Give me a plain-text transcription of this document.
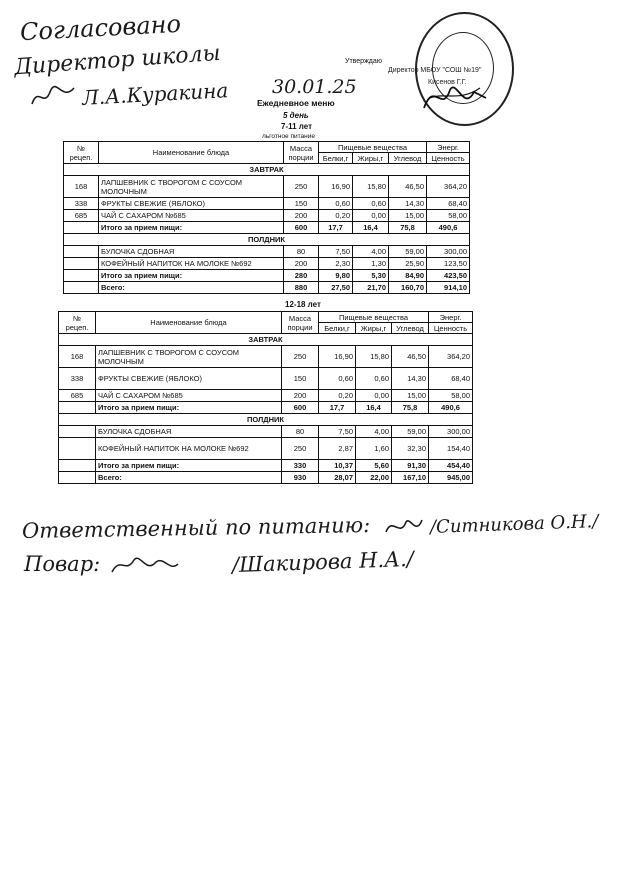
Согласовано
Директор школы
Л.А.Куракина 30.01.25
Утверждаю
Директор МБОУ "СОШ №19"
Кисенов Г.Г.
Ежедневное меню
5 день
7-11 лет
льготное питание
№
рецеп.	Наименование блюда	Масса
порции	Пищевые вещества			Энерг.
			Белки,г	Жиры,г	Углевод	Ценность
ЗАВТРАК						
168	ЛАПШЕВНИК С ТВОРОГОМ С СОУСОМ МОЛОЧНЫМ	250	16,90	15,80	46,50	364,20
338	ФРУКТЫ СВЕЖИЕ (ЯБЛОКО)	150	0,60	0,60	14,30	68,40
685	ЧАЙ С САХАРОМ №685	200	0,20	0,00	15,00	58,00
	Итого за прием пищи:	600	17,7	16,4	75,8	490,6
ПОЛДНИК						
	БУЛОЧКА СДОБНАЯ	80	7,50	4,00	59,00	300,00
	КОФЕЙНЫЙ НАПИТОК НА МОЛОКЕ №692	200	2,30	1,30	25,90	123,50
	Итого за прием пищи:	280	9,80	5,30	84,90	423,50
	Всего:	880	27,50	21,70	160,70	914,10
12-18 лет
№
рецеп.	Наименование блюда	Масса
порции	Пищевые вещества			Энерг.
			Белки,г	Жиры,г	Углевод	Ценность
ЗАВТРАК						
168	ЛАПШЕВНИК С ТВОРОГОМ С СОУСОМ МОЛОЧНЫМ	250	16,90	15,80	46,50	364,20
338	ФРУКТЫ СВЕЖИЕ (ЯБЛОКО)	150	0,60	0,60	14,30	68,40
685	ЧАЙ С САХАРОМ №685	200	0,20	0,00	15,00	58,00
	Итого за прием пищи:	600	17,7	16,4	75,8	490,6
ПОЛДНИК						
	БУЛОЧКА СДОБНАЯ	80	7,50	4,00	59,00	300,00
	КОФЕЙНЫЙ НАПИТОК НА МОЛОКЕ №692	250	2,87	1,60	32,30	154,40
	Итого за прием пищи:	330	10,37	5,60	91,30	454,40
	Всего:	930	28,07	22,00	167,10	945,00
Ответственный по питанию:	/Ситникова О.Н./
Повар:	/Шакирова Н.А./
